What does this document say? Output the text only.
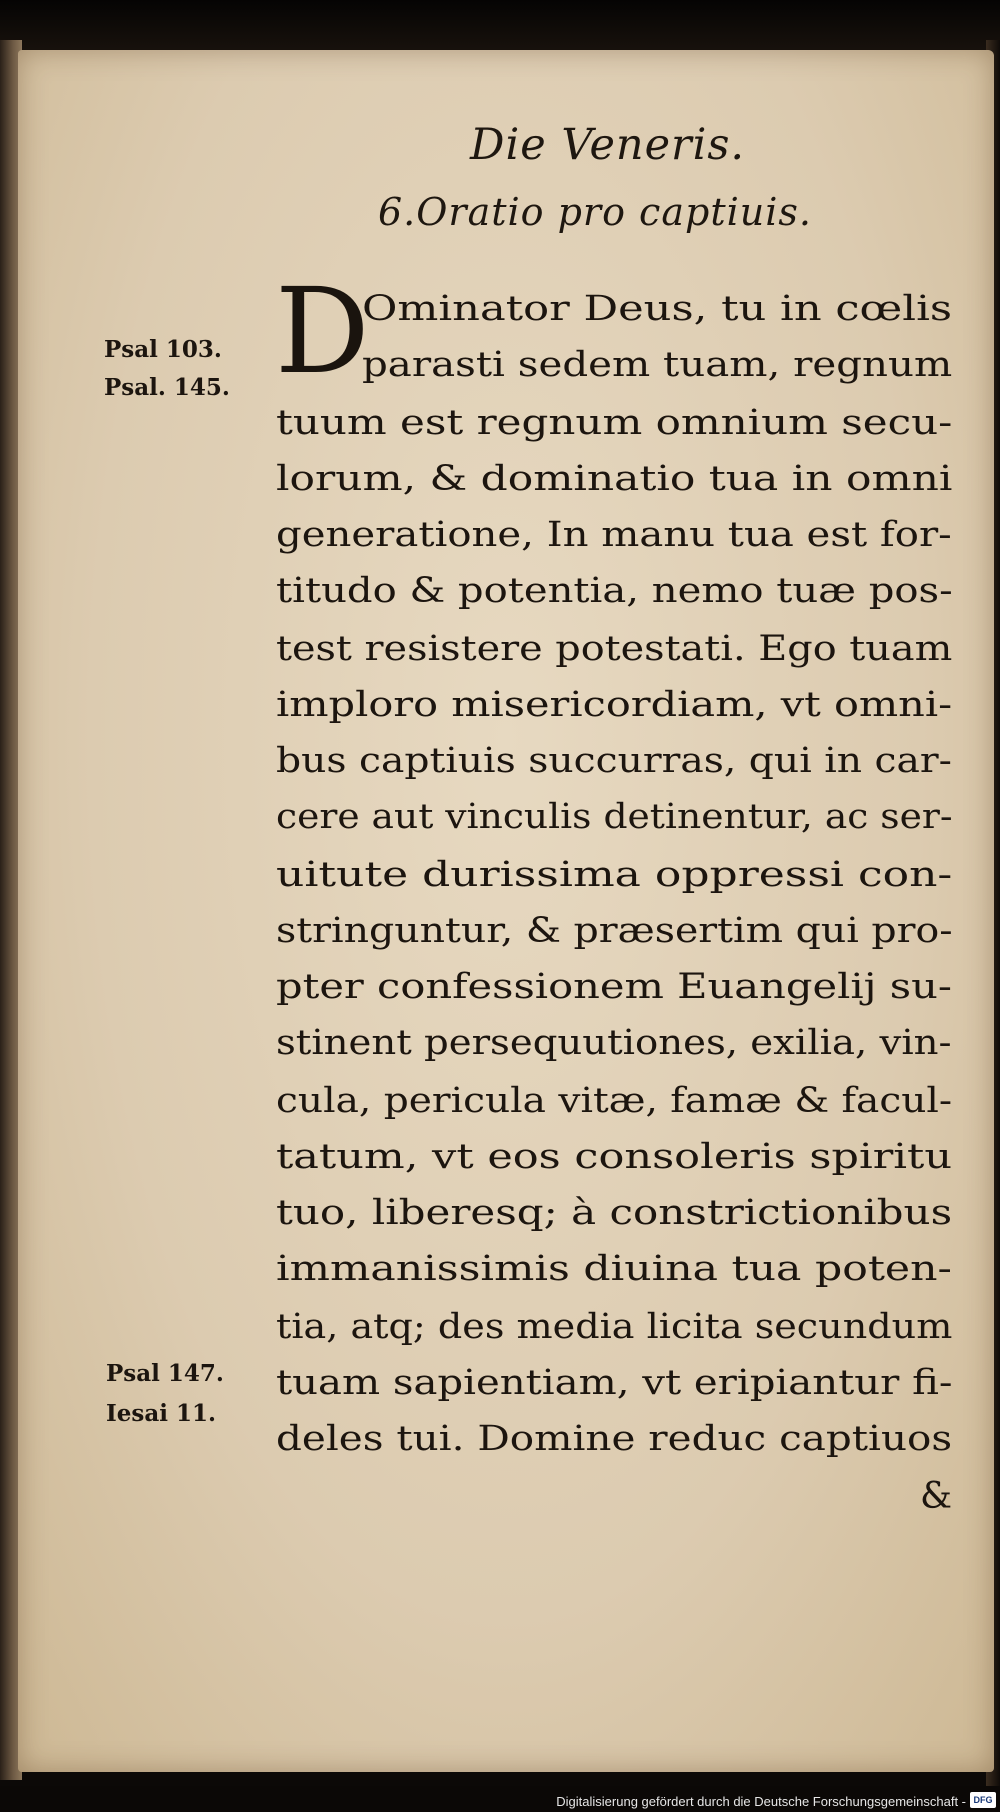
Die Veneris.
6.Oratio pro captiuis.
D
Ominator Deus, tu in cœlis
parasti sedem tuam, regnum
tuum est regnum omnium secu-
lorum, & dominatio tua in omni
generatione, In manu tua est for-
titudo & potentia, nemo tuæ pos-
test resistere potestati. Ego tuam
imploro misericordiam, vt omni-
bus captiuis succurras, qui in car-
cere aut vinculis detinentur, ac ser-
uitute durissima oppressi con-
stringuntur, & præsertim qui pro-
pter confessionem Euangelij su-
stinent persequutiones, exilia, vin-
cula, pericula vitæ, famæ & facul-
tatum, vt eos consoleris spiritu
tuo, liberesq; à constrictionibus
immanissimis diuina tua poten-
tia, atq; des media licita secundum
tuam sapientiam, vt eripiantur fi-
deles tui. Domine reduc captiuos
Psal 103.
Psal. 145.
Psal 147.
Iesai 11.
&
Digitalisierung gefördert durch die Deutsche Forschungsgemeinschaft - DFG
